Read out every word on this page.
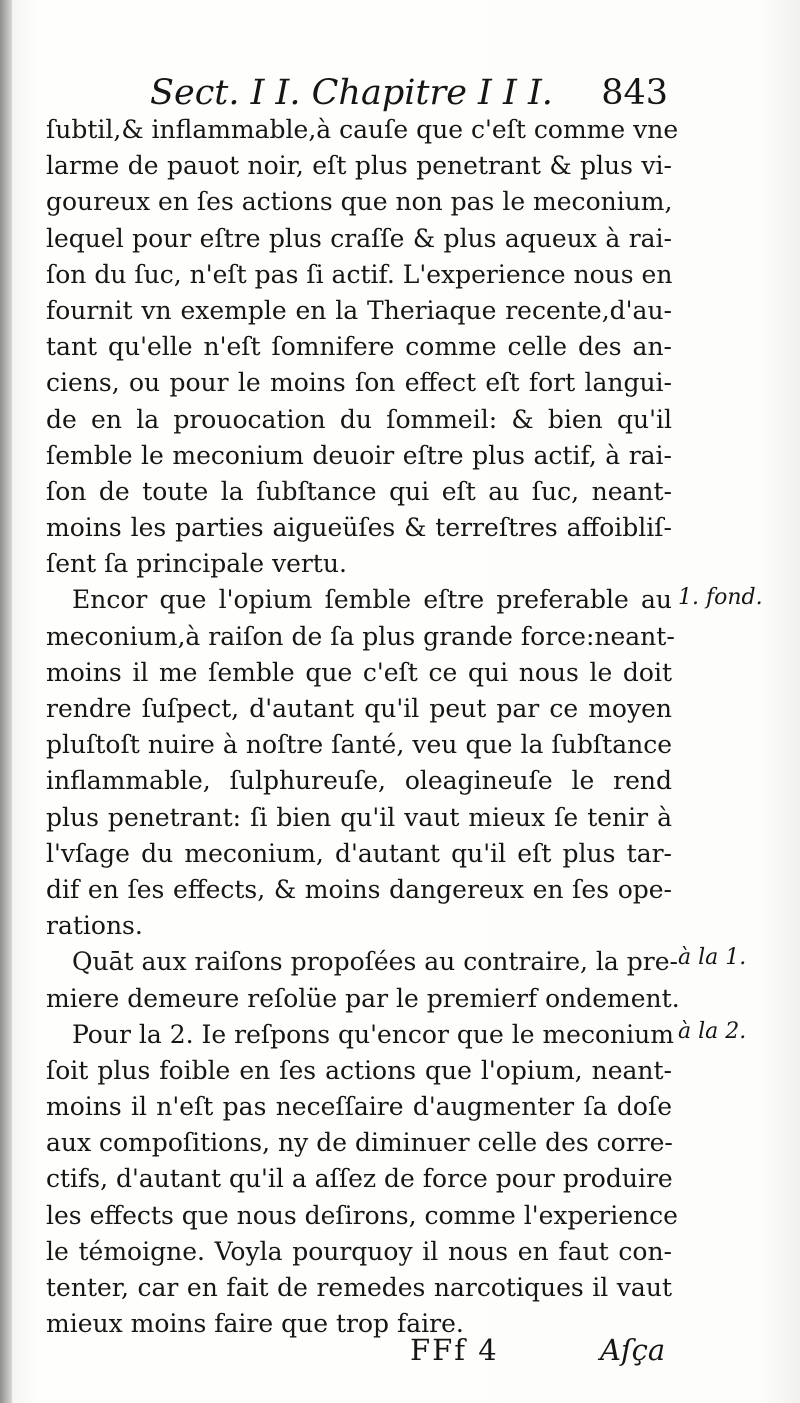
Sect. I I. Chapitre I I I.	843
ſubtil,& inflammable,à cauſe que c'eſt comme vne
larme de pauot noir, eſt plus penetrant & plus vi-
goureux en ſes actions que non pas le meconium,
lequel pour eſtre plus craſſe & plus aqueux à rai-
ſon du ſuc, n'eſt pas ſi actif. L'experience nous en
fournit vn exemple en la Theriaque recente,d'au-
tant qu'elle n'eſt ſomnifere comme celle des an-
ciens, ou pour le moins ſon effect eſt fort langui-
de en la prouocation du ſommeil: & bien qu'il
ſemble le meconium deuoir eſtre plus actif, à rai-
ſon de toute la ſubſtance qui eſt au ſuc, neant-
moins les parties aigueüſes & terreſtres affoibliſ-
ſent ſa principale vertu.
Encor que l'opium ſemble eſtre preferable au
meconium,à raiſon de ſa plus grande force:neant-
moins il me ſemble que c'eſt ce qui nous le doit
rendre ſuſpect, d'autant qu'il peut par ce moyen
pluſtoſt nuire à noſtre ſanté, veu que la ſubſtance
inflammable, ſulphureuſe, oleagineuſe le rend
plus penetrant: ſi bien qu'il vaut mieux ſe tenir à
l'vſage du meconium, d'autant qu'il eſt plus tar-
dif en ſes effects, & moins dangereux en ſes ope-
rations.
Quāt aux raiſons propoſées au contraire, la pre-
miere demeure reſolüe par le premierf ondement.
Pour la 2. Ie reſpons qu'encor que le meconium
ſoit plus foible en ſes actions que l'opium, neant-
moins il n'eſt pas neceſſaire d'augmenter ſa doſe
aux compoſitions, ny de diminuer celle des corre-
ctifs, d'autant qu'il a aſſez de force pour produire
les effects que nous deſirons, comme l'experience
le témoigne. Voyla pourquoy il nous en faut con-
tenter, car en fait de remedes narcotiques il vaut
mieux moins faire que trop faire.
1. fond.
à la 1.
à la 2.
FFf 4	Aſça
